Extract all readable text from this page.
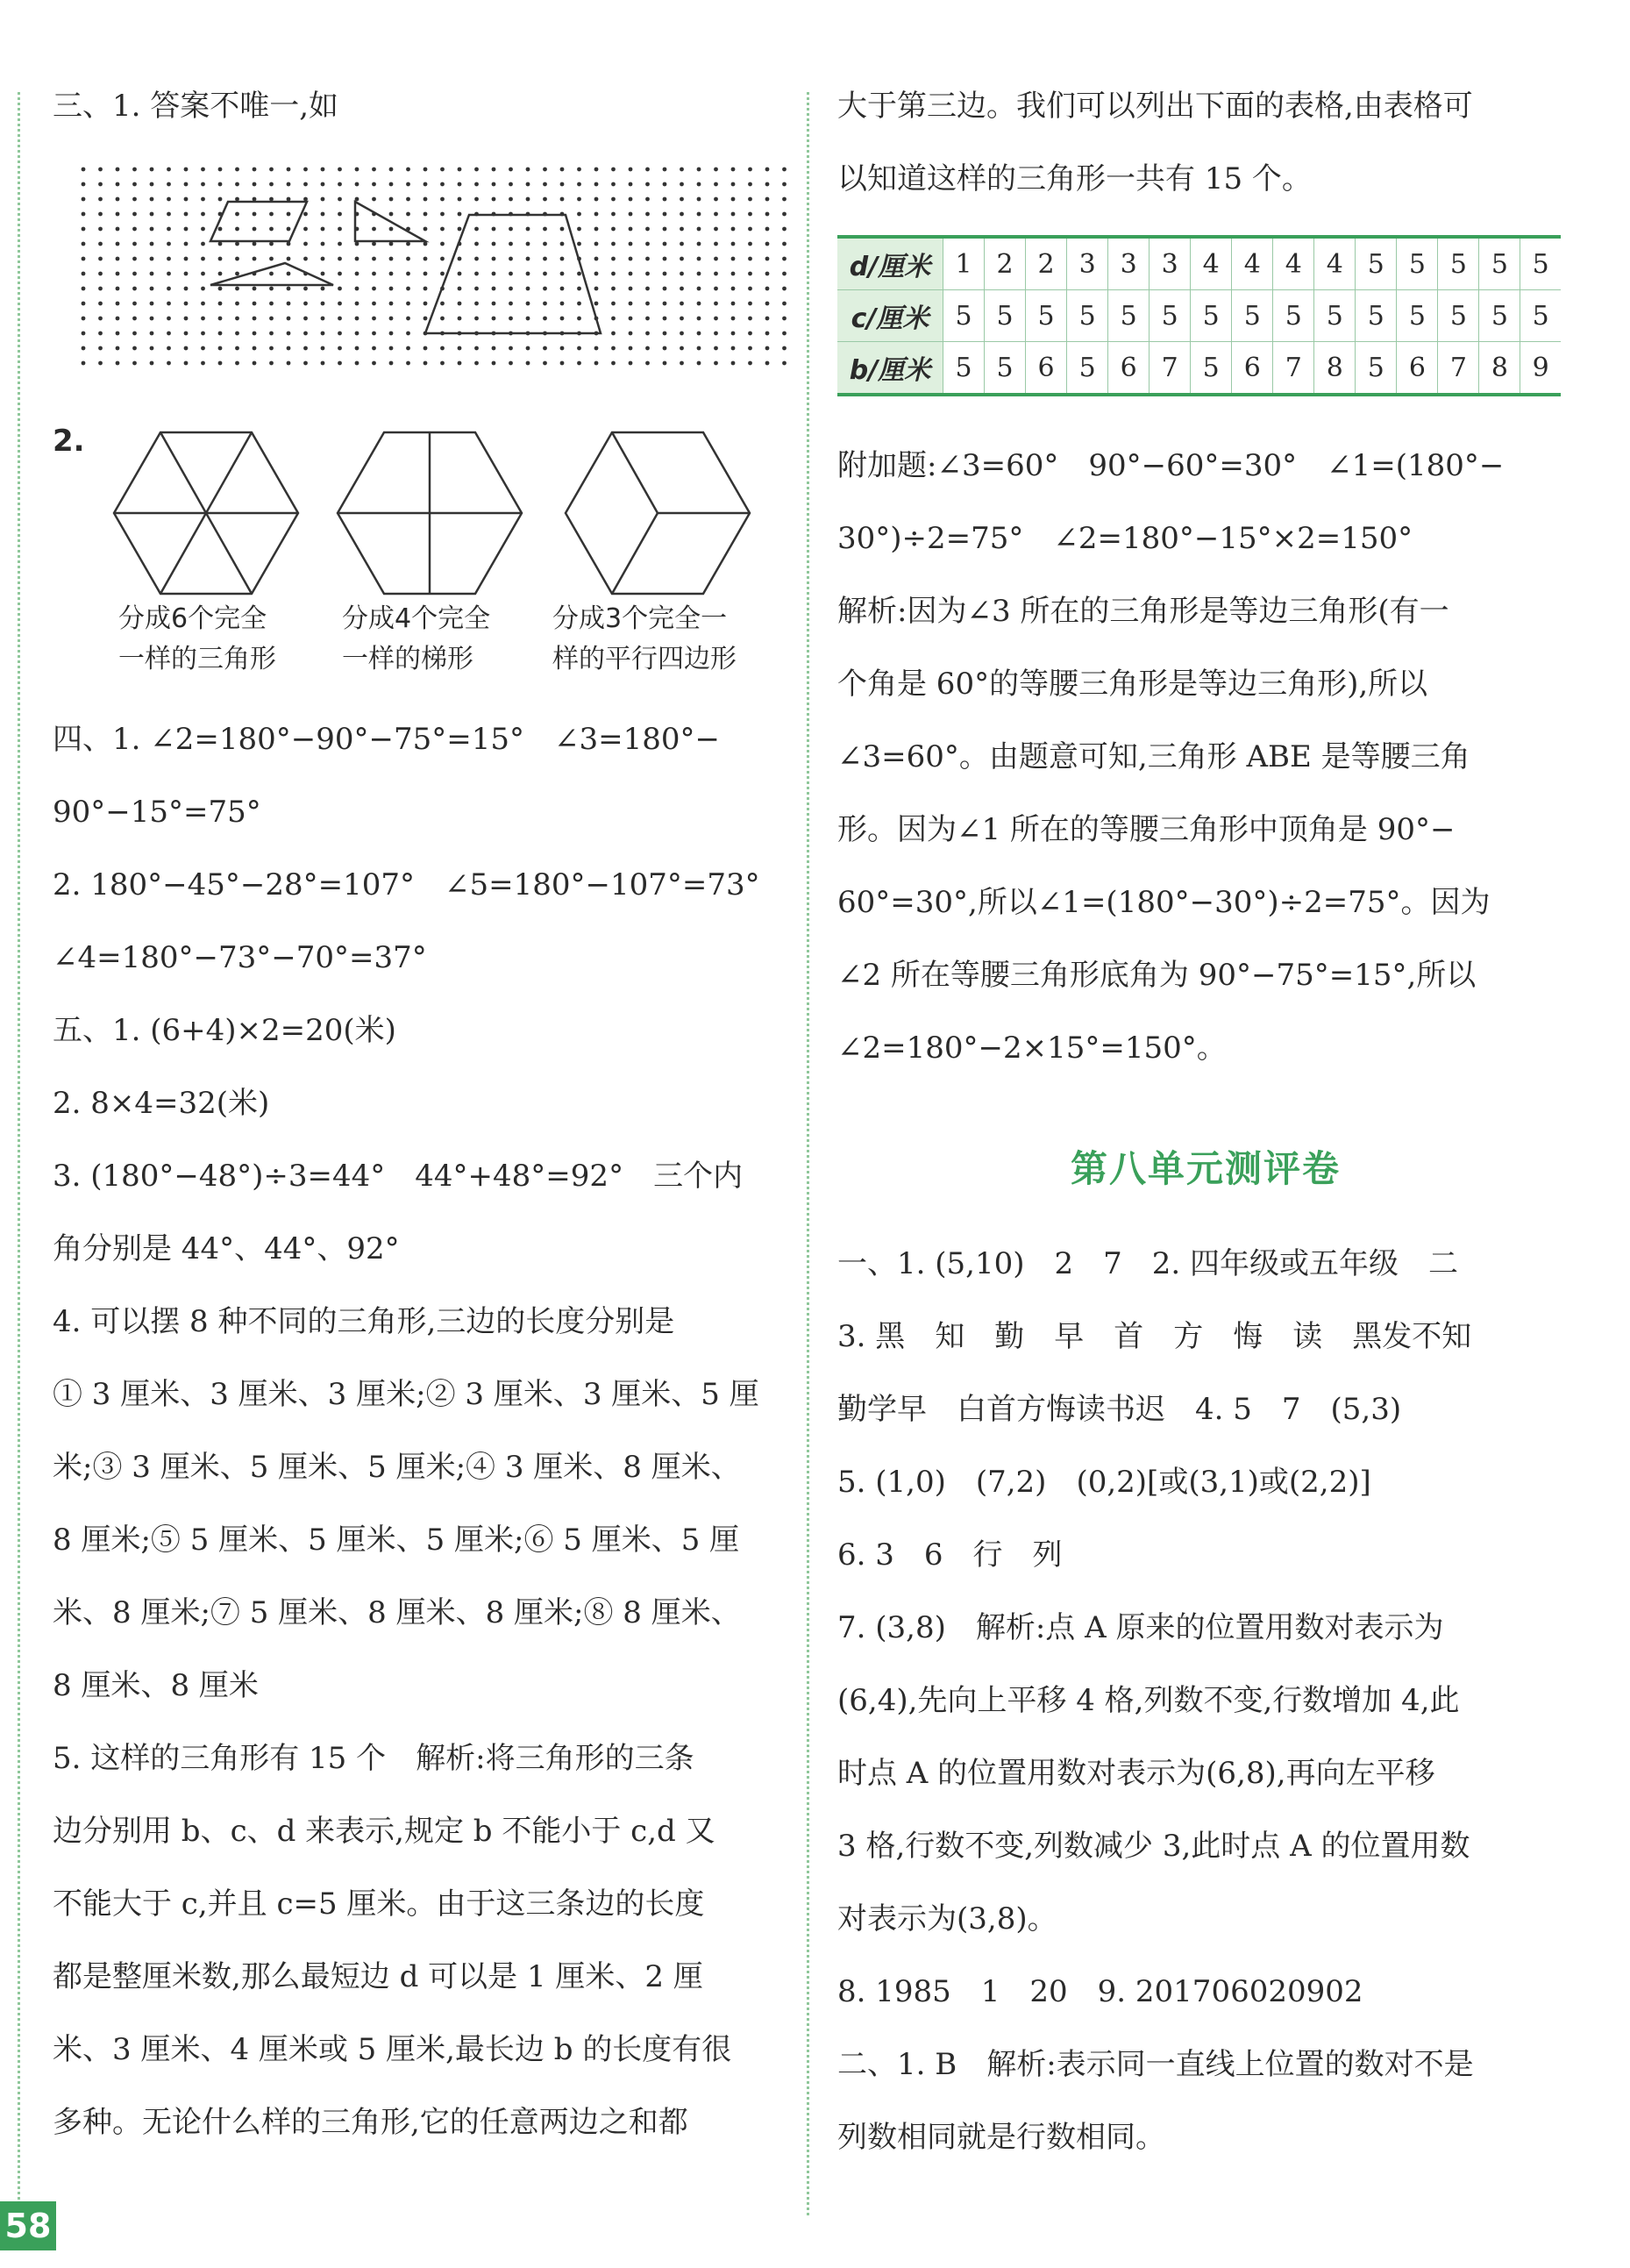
三、1. 答案不唯一,如
2.
分成6个完全
一样的三角形
分成4个完全
一样的梯形
分成3个完全一
样的平行四边形
四、1. ∠2=180°−90°−75°=15°　∠3=180°−
90°−15°=75°
2. 180°−45°−28°=107°　∠5=180°−107°=73°
∠4=180°−73°−70°=37°
五、1. (6+4)×2=20(米)
2. 8×4=32(米)
3. (180°−48°)÷3=44°　44°+48°=92°　三个内
角分别是 44°、44°、92°
4. 可以摆 8 种不同的三角形,三边的长度分别是
① 3 厘米、3 厘米、3 厘米;② 3 厘米、3 厘米、5 厘
米;③ 3 厘米、5 厘米、5 厘米;④ 3 厘米、8 厘米、
8 厘米;⑤ 5 厘米、5 厘米、5 厘米;⑥ 5 厘米、5 厘
米、8 厘米;⑦ 5 厘米、8 厘米、8 厘米;⑧ 8 厘米、
8 厘米、8 厘米
5. 这样的三角形有 15 个　解析:将三角形的三条
边分别用 b、c、d 来表示,规定 b 不能小于 c,d 又
不能大于 c,并且 c=5 厘米。由于这三条边的长度
都是整厘米数,那么最短边 d 可以是 1 厘米、2 厘
米、3 厘米、4 厘米或 5 厘米,最长边 b 的长度有很
多种。无论什么样的三角形,它的任意两边之和都
大于第三边。我们可以列出下面的表格,由表格可
以知道这样的三角形一共有 15 个。
d/厘米	1	2	2	3	3	3	4	4	4	4	5	5	5	5	5
c/厘米	5	5	5	5	5	5	5	5	5	5	5	5	5	5	5
b/厘米	5	5	6	5	6	7	5	6	7	8	5	6	7	8	9
附加题:∠3=60°　90°−60°=30°　∠1=(180°−
30°)÷2=75°　∠2=180°−15°×2=150°
解析:因为∠3 所在的三角形是等边三角形(有一
个角是 60°的等腰三角形是等边三角形),所以
∠3=60°。由题意可知,三角形 ABE 是等腰三角
形。因为∠1 所在的等腰三角形中顶角是 90°−
60°=30°,所以∠1=(180°−30°)÷2=75°。因为
∠2 所在等腰三角形底角为 90°−75°=15°,所以
∠2=180°−2×15°=150°。
第八单元测评卷
一、1. (5,10)　2　7　2. 四年级或五年级　二
3. 黑　知　勤　早　首　方　悔　读　黑发不知
勤学早　白首方悔读书迟　4. 5　7　(5,3)
5. (1,0)　(7,2)　(0,2)[或(3,1)或(2,2)]
6. 3　6　行　列
7. (3,8)　解析:点 A 原来的位置用数对表示为
(6,4),先向上平移 4 格,列数不变,行数增加 4,此
时点 A 的位置用数对表示为(6,8),再向左平移
3 格,行数不变,列数减少 3,此时点 A 的位置用数
对表示为(3,8)。
8. 1985　1　20　9. 201706020902
二、1. B　解析:表示同一直线上位置的数对不是
列数相同就是行数相同。
58
